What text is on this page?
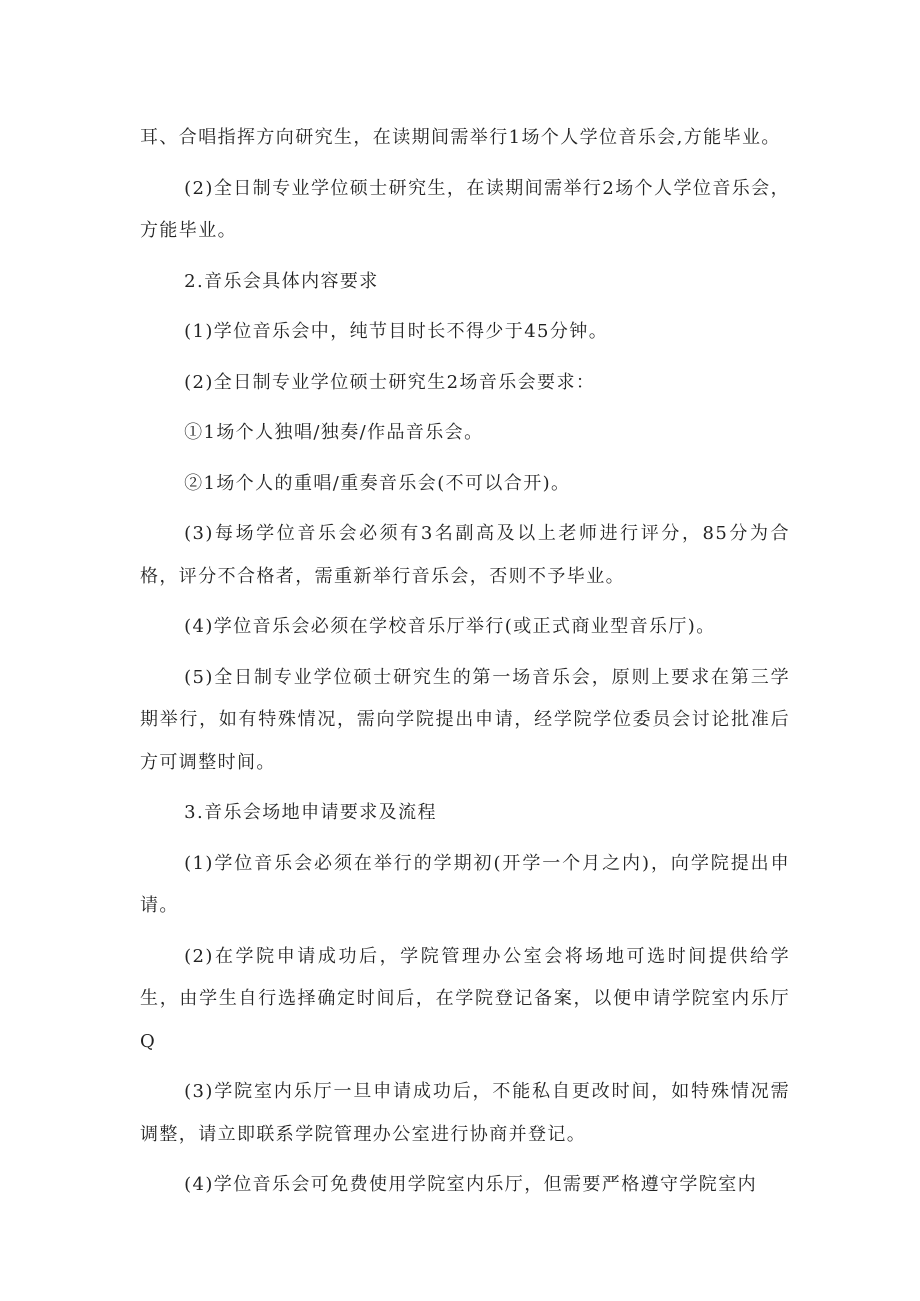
耳、合唱指挥方向研究生，在读期间需举行1场个人学位音乐会,方能毕业。

(2)全日制专业学位硕士研究生，在读期间需举行2场个人学位音乐会，方能毕业。

2.音乐会具体内容要求

(1)学位音乐会中，纯节目时长不得少于45分钟。

(2)全日制专业学位硕士研究生2场音乐会要求：

①1场个人独唱/独奏/作品音乐会。

②1场个人的重唱/重奏音乐会(不可以合开)。

(3)每场学位音乐会必须有3名副高及以上老师进行评分，85分为合格，评分不合格者，需重新举行音乐会，否则不予毕业。

(4)学位音乐会必须在学校音乐厅举行(或正式商业型音乐厅)。

(5)全日制专业学位硕士研究生的第一场音乐会，原则上要求在第三学期举行，如有特殊情况，需向学院提出申请，经学院学位委员会讨论批准后方可调整时间。

3.音乐会场地申请要求及流程

(1)学位音乐会必须在举行的学期初(开学一个月之内)，向学院提出申请。

(2)在学院申请成功后，学院管理办公室会将场地可选时间提供给学生，由学生自行选择确定时间后，在学院登记备案，以便申请学院室内乐厅Q

(3)学院室内乐厅一旦申请成功后，不能私自更改时间，如特殊情况需调整，请立即联系学院管理办公室进行协商并登记。

(4)学位音乐会可免费使用学院室内乐厅，但需要严格遵守学院室内
